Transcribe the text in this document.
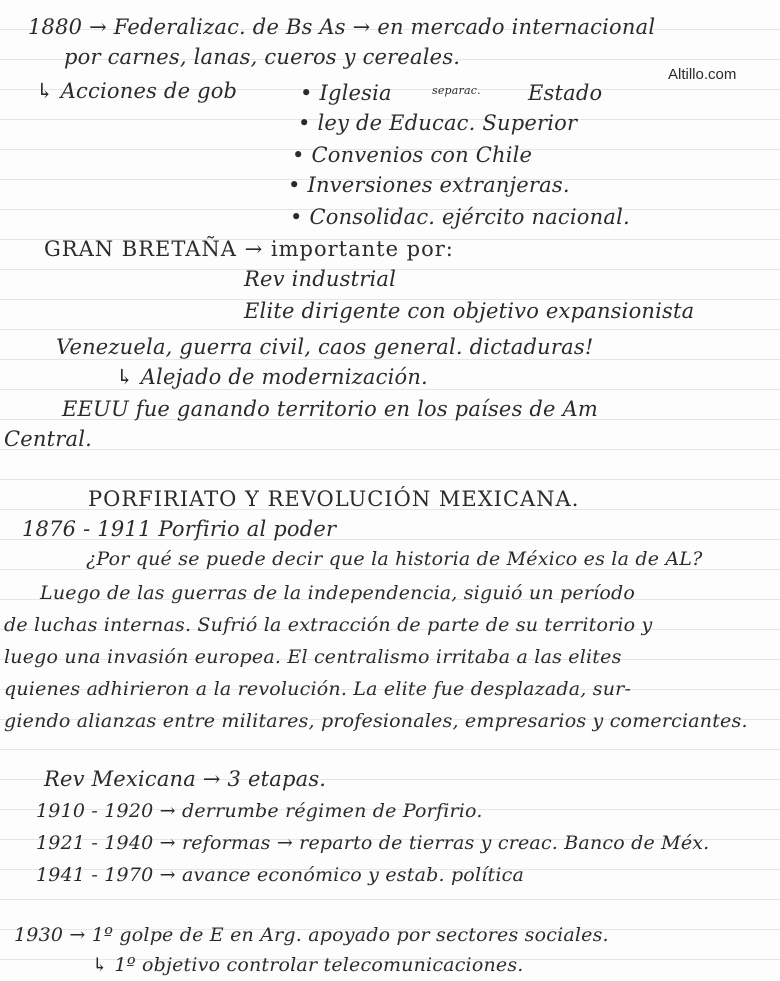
Altillo.com
1880 → Federalizac. de Bs As → en mercado internacional
por carnes, lanas, cueros y cereales.
↳ Acciones de gob	• Iglesia	separac. Estado
• ley de Educac. Superior
• Convenios con Chile
• Inversiones extranjeras.
• Consolidac. ejército nacional.
GRAN BRETAÑA → importante por:
Rev industrial
Elite dirigente con objetivo expansionista
Venezuela, guerra civil, caos general. dictaduras!
↳ Alejado de modernización.
EEUU fue ganando territorio en los países de Am
Central.
PORFIRIATO Y REVOLUCIÓN MEXICANA.
1876 - 1911 Porfirio al poder
¿Por qué se puede decir que la historia de México es la de AL?
Luego de las guerras de la independencia, siguió un período
de luchas internas. Sufrió la extracción de parte de su territorio y
luego una invasión europea. El centralismo irritaba a las elites
quienes adhirieron a la revolución. La elite fue desplazada, sur-
giendo alianzas entre militares, profesionales, empresarios y comerciantes.
Rev Mexicana → 3 etapas.
1910 - 1920 → derrumbe régimen de Porfirio.
1921 - 1940 → reformas → reparto de tierras y creac. Banco de Méx.
1941 - 1970 → avance económico y estab. política
1930 → 1º golpe de E en Arg. apoyado por sectores sociales.
↳ 1º objetivo controlar telecomunicaciones.
